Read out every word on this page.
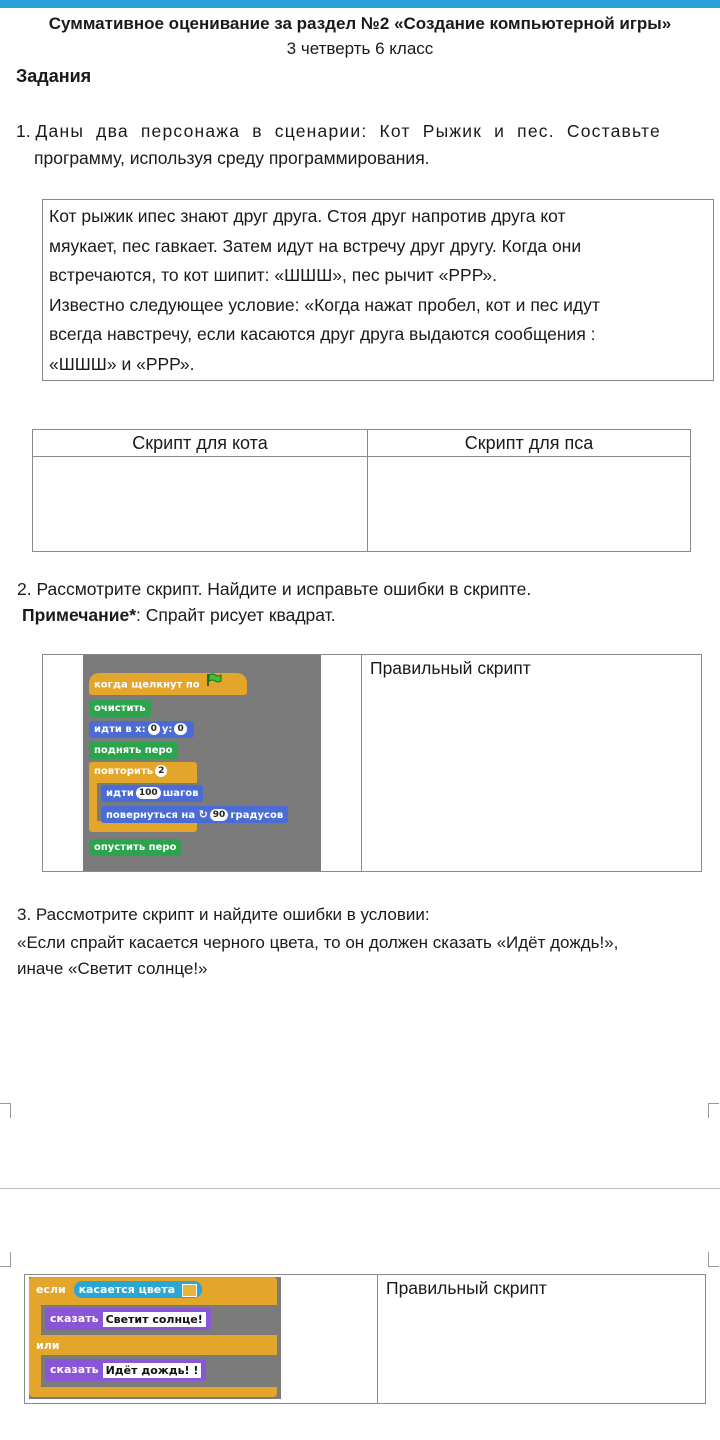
Суммативное оценивание за раздел №2 «Создание компьютерной игры»
3 четверть 6 класс
Задания
1. Даны два персонажа в сценарии: Кот Рыжик и пес. Составьте
программу, используя среду программирования.
Кот рыжик ипес знают друг друга. Стоя друг напротив друга кот
мяукает, пес гавкает. Затем идут на встречу друг другу. Когда они
встречаются, то кот шипит: «ШШШ», пес рычит «РРР».
Известно следующее условие: «Когда нажат пробел, кот и пес идут
всегда навстречу, если касаются друг друга выдаются сообщения :
«ШШШ» и «РРР».
Скрипт для кота	Скрипт для пса

2. Рассмотрите скрипт. Найдите и исправьте ошибки в скрипте.
Примечание*: Спрайт рисует квадрат.
Правильный скрипт
когда щелкнут по
очистить
идти в x: 0 y: 0
поднять перо
повторить 2
идти 100 шагов
повернуться на ↻ 90 градусов
опустить перо
3. Рассмотрите скрипт и найдите ошибки в условии:
«Если спрайт касается черного цвета, то он должен сказать «Идёт дождь!»,
иначе «Светит солнце!»
Правильный скрипт
если касается цвета
сказать Светит солнце!
или
сказать Идёт дождь! !
